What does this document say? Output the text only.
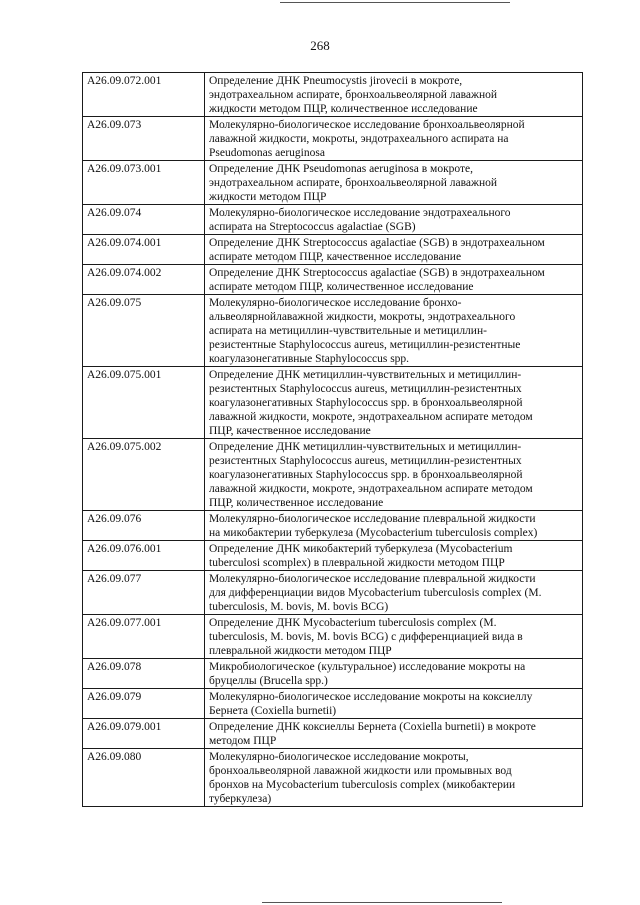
268
A26.09.072.001	Определение ДНК Pneumocystis jirovecii в мокроте,
эндотрахеальном аспирате, бронхоальвеолярной лаважной
жидкости методом ПЦР, количественное исследование
A26.09.073	Молекулярно-биологическое исследование бронхоальвеолярной
лаважной жидкости, мокроты, эндотрахеального аспирата на
Pseudomonas aeruginosa
A26.09.073.001	Определение ДНК Pseudomonas aeruginosa в мокроте,
эндотрахеальном аспирате, бронхоальвеолярной лаважной
жидкости методом ПЦР
A26.09.074	Молекулярно-биологическое исследование эндотрахеального
аспирата на Streptococcus agalactiae (SGB)
A26.09.074.001	Определение ДНК Streptococcus agalactiae (SGB) в эндотрахеальном
аспирате методом ПЦР, качественное исследование
A26.09.074.002	Определение ДНК Streptococcus agalactiae (SGB) в эндотрахеальном
аспирате методом ПЦР, количественное исследование
A26.09.075	Молекулярно-биологическое исследование бронхо-
альвеолярнойлаважной жидкости, мокроты, эндотрахеального
аспирата на метициллин-чувствительные и метициллин-
резистентные Staphylococcus aureus, метициллин-резистентные
коагулазонегативные Staphylococcus spp.
A26.09.075.001	Определение ДНК метициллин-чувствительных и метициллин-
резистентных Staphylococcus aureus, метициллин-резистентных
коагулазонегативных Staphylococcus spp. в бронхоальвеолярной
лаважной жидкости, мокроте, эндотрахеальном аспирате методом
ПЦР, качественное исследование
A26.09.075.002	Определение ДНК метициллин-чувствительных и метициллин-
резистентных Staphylococcus aureus, метициллин-резистентных
коагулазонегативных Staphylococcus spp. в бронхоальвеолярной
лаважной жидкости, мокроте, эндотрахеальном аспирате методом
ПЦР, количественное исследование
A26.09.076	Молекулярно-биологическое исследование плевральной жидкости
на микобактерии туберкулеза (Mycobacterium tuberculosis complex)
A26.09.076.001	Определение ДНК микобактерий туберкулеза (Mycobacterium
tuberculosi scomplex) в плевральной жидкости методом ПЦР
A26.09.077	Молекулярно-биологическое исследование плевральной жидкости
для дифференциации видов Mycobacterium tuberculosis complex (M.
tuberculosis, M. bovis, M. bovis BCG)
A26.09.077.001	Определение ДНК Mycobacterium tuberculosis complex (M.
tuberculosis, M. bovis, M. bovis BCG) с дифференциацией вида в
плевральной жидкости методом ПЦР
A26.09.078	Микробиологическое (культуральное) исследование мокроты на
бруцеллы (Brucella spp.)
A26.09.079	Молекулярно-биологическое исследование мокроты на коксиеллу
Бернета (Coxiella burnetii)
A26.09.079.001	Определение ДНК коксиеллы Бернета (Coxiella burnetii) в мокроте
методом ПЦР
A26.09.080	Молекулярно-биологическое исследование мокроты,
бронхоальвеолярной лаважной жидкости или промывных вод
бронхов на Mycobacterium tuberculosis complex (микобактерии
туберкулеза)
